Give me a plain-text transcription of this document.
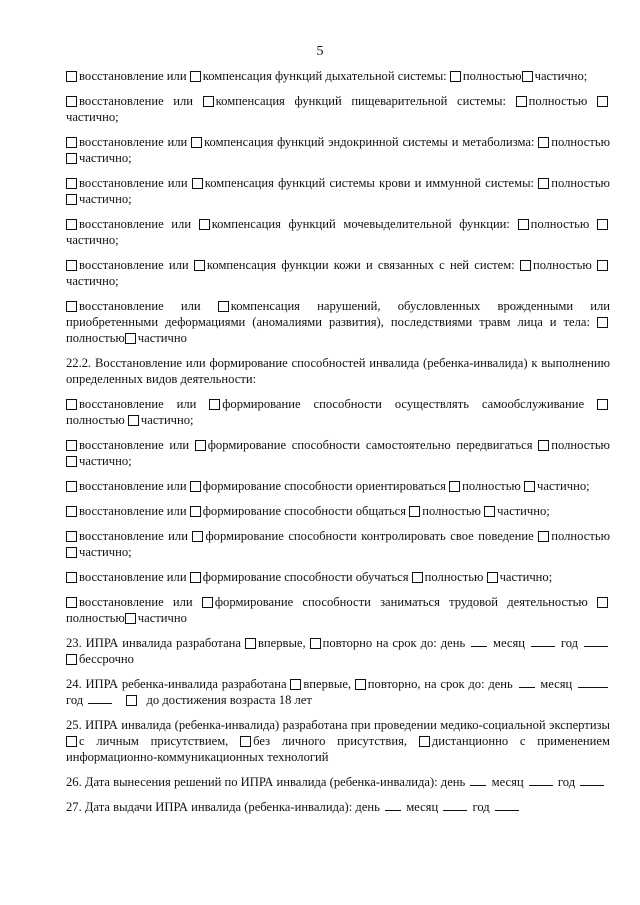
5
восстановление или компенсация функций дыхательной системы: полностью частично;
восстановление или компенсация функций пищеварительной системы: полностью частично;
восстановление или компенсация функций эндокринной системы и метаболизма: полностью частично;
восстановление или компенсация функций системы крови и иммунной системы: полностью частично;
восстановление или компенсация функций мочевыделительной функции: полностью частично;
восстановление или компенсация функции кожи и связанных с ней систем: полностью частично;
восстановление или компенсация нарушений, обусловленных врожденными или приобретенными деформациями (аномалиями развития), последствиями травм лица и тела: полностью частично
22.2. Восстановление или формирование способностей инвалида (ребенка-инвалида) к выполнению определенных видов деятельности:
восстановление или формирование способности осуществлять самообслуживание полностью частично;
восстановление или формирование способности самостоятельно передвигаться полностью частично;
восстановление или формирование способности ориентироваться полностью частично;
восстановление или формирование способности общаться полностью частично;
восстановление или формирование способности контролировать свое поведение полностью частично;
восстановление или формирование способности обучаться полностью частично;
восстановление или формирование способности заниматься трудовой деятельностью полностью частично
23. ИПРА инвалида разработана впервые, повторно на срок до: день месяц	год  бессрочно
24. ИПРА ребенка-инвалида разработана впервые, повторно, на срок до: день месяц  год	до достижения возраста 18 лет
25. ИПРА инвалида (ребенка-инвалида) разработана при проведении медико-социальной экспертизы с личным присутствием, без личного присутствия, дистанционно с применением информационно-коммуникационных технологий
26. Дата вынесения решений по ИПРА инвалида (ребенка-инвалида): день месяц	год
27. Дата выдачи ИПРА инвалида (ребенка-инвалида): день месяц	год
